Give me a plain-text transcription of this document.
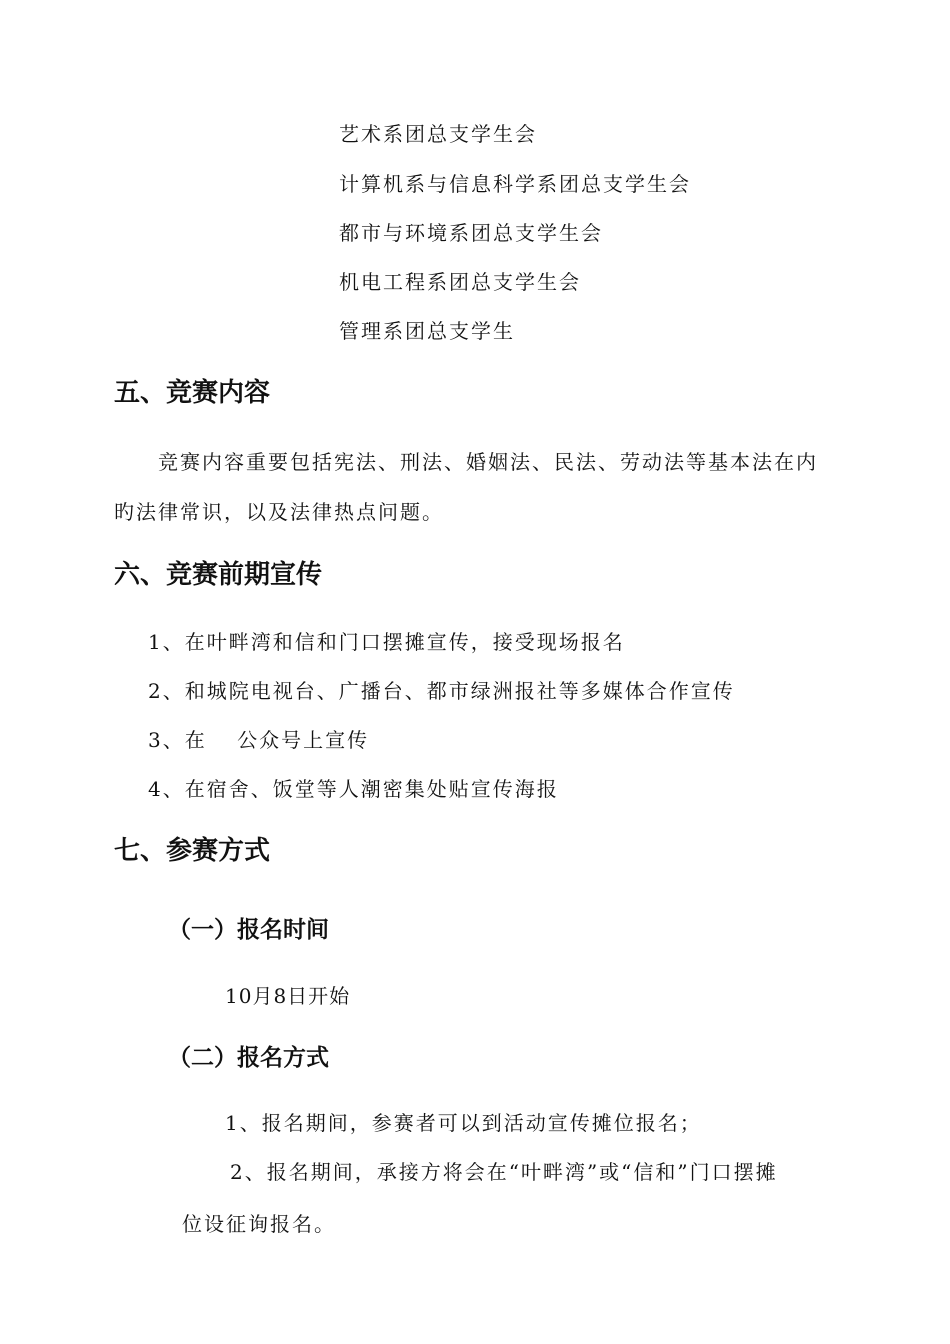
艺术系团总支学生会
计算机系与信息科学系团总支学生会
都市与环境系团总支学生会
机电工程系团总支学生会
管理系团总支学生
五、竞赛内容
竞赛内容重要包括宪法、刑法、婚姻法、民法、劳动法等基本法在内
旳法律常识，以及法律热点问题。
六、竞赛前期宣传
1、在叶畔湾和信和门口摆摊宣传，接受现场报名
2、和城院电视台、广播台、都市绿洲报社等多媒体合作宣传
3、在　 公众号上宣传
4、在宿舍、饭堂等人潮密集处贴宣传海报
七、参赛方式
（一）报名时间
10月8日开始
（二）报名方式
1、报名期间，参赛者可以到活动宣传摊位报名；
2、报名期间，承接方将会在“叶畔湾”或“信和”门口摆摊
位设征询报名。
